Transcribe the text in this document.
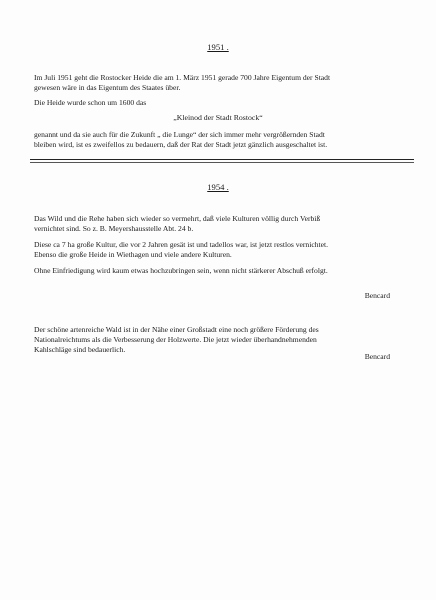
1951 .
Im Juli 1951 geht die Rostocker Heide die am 1. März 1951 gerade 700 Jahre Eigentum der Stadt
gewesen wäre in das Eigentum des Staates über.
Die Heide wurde schon um 1600 das
„Kleinod der Stadt Rostock“
genannt und da sie auch für die Zukunft „ die Lunge“ der sich immer mehr vergrößernden Stadt
bleiben wird, ist es zweifellos zu bedauern, daß der Rat der Stadt jetzt gänzlich ausgeschaltet ist.
1954 .
Das Wild und die Rehe haben sich wieder so vermehrt, daß viele Kulturen völlig durch Verbiß
vernichtet sind. So z. B. Meyershausstelle Abt. 24 b.
Diese ca 7 ha große Kultur, die vor 2 Jahren gesät ist und tadellos war, ist jetzt restlos vernichtet.
Ebenso die große Heide in Wiethagen und viele andere Kulturen.
Ohne Einfriedigung wird kaum etwas hochzubringen sein, wenn nicht stärkerer Abschuß erfolgt.
Bencard
Der schöne artenreiche Wald ist in der Nähe einer Großstadt eine noch größere Förderung des
Nationalreichtums als die Verbesserung der Holzwerte. Die jetzt wieder überhandnehmenden
Kahlschläge sind bedauerlich.
Bencard
